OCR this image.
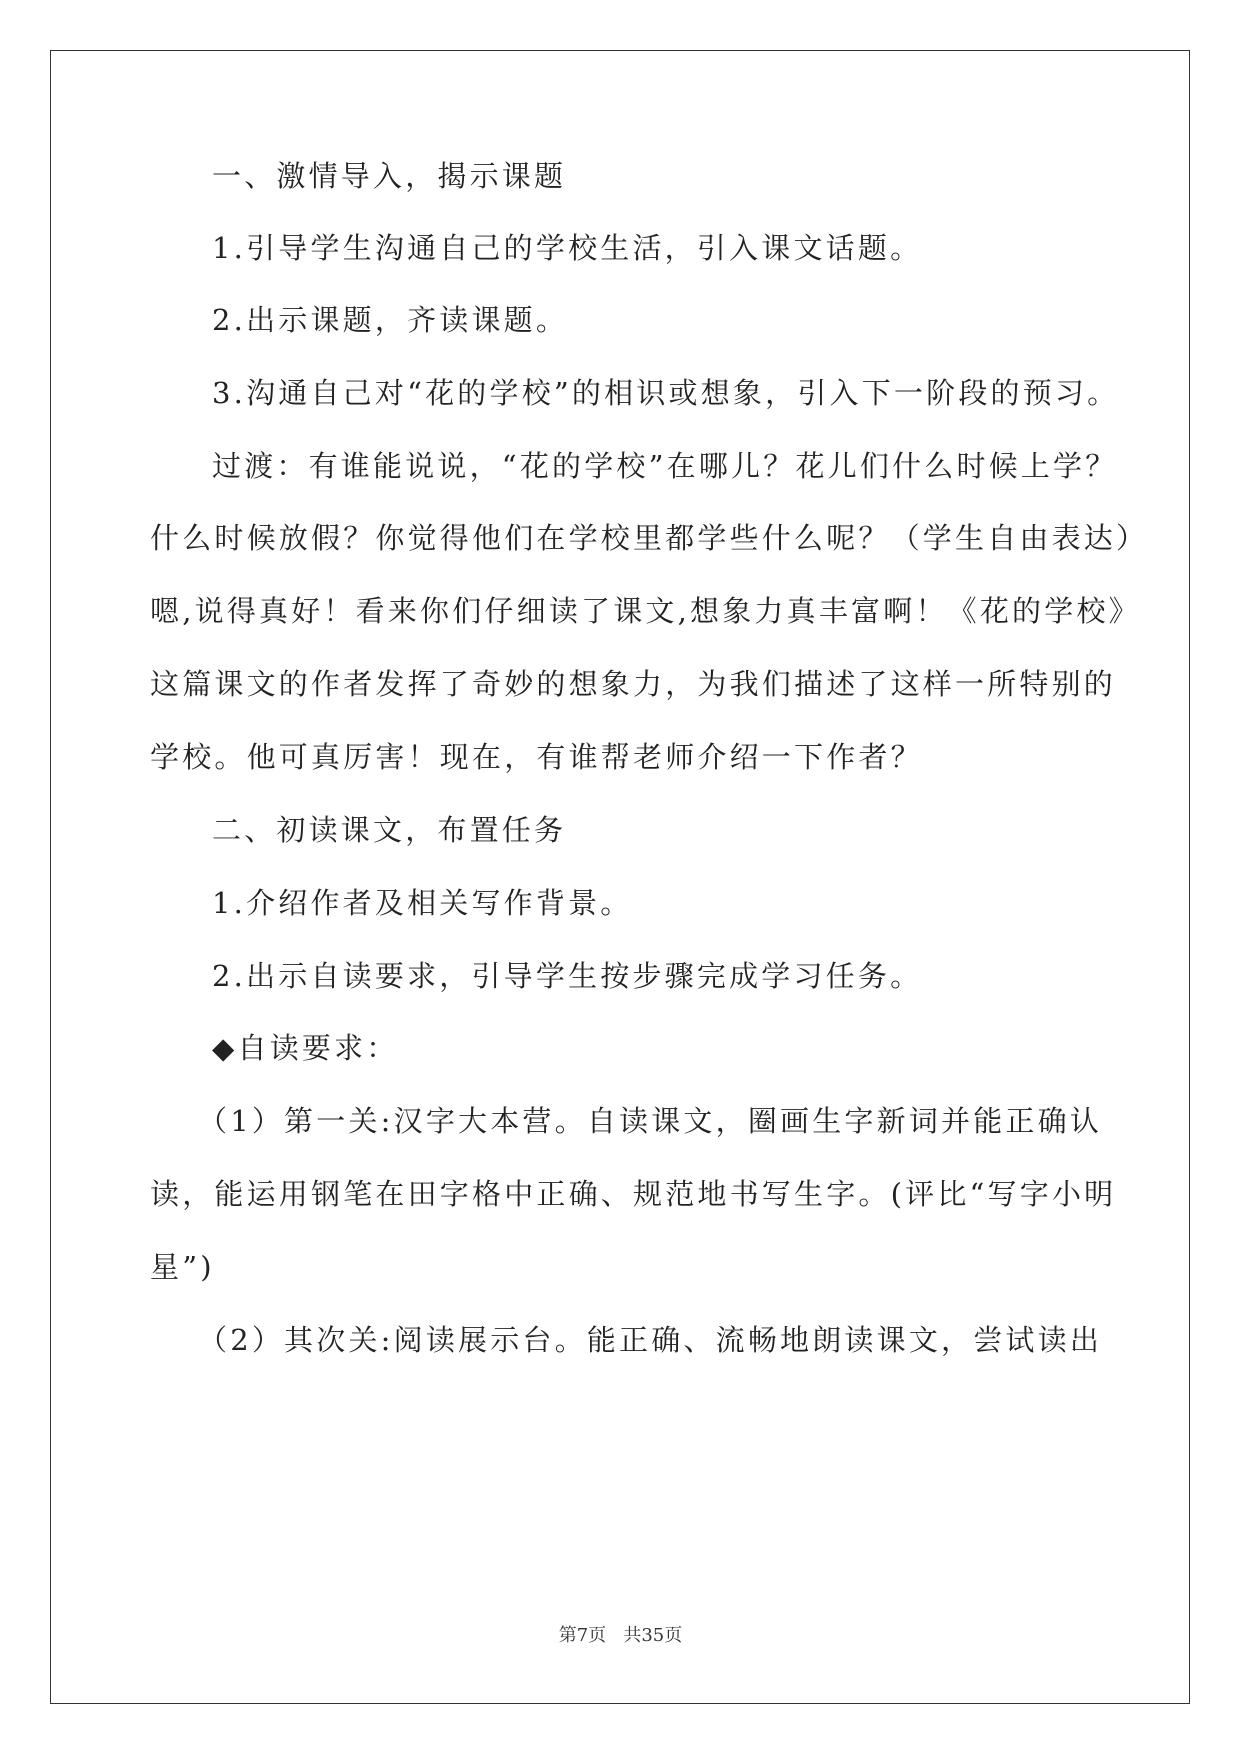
一、激情导入，揭示课题
1.引导学生沟通自己的学校生活，引入课文话题。
2.出示课题，齐读课题。
3.沟通自己对“花的学校”的相识或想象，引入下一阶段的预习。
过渡：有谁能说说，“花的学校”在哪儿？花儿们什么时候上学？
什么时候放假？你觉得他们在学校里都学些什么呢？（学生自由表达）
嗯,说得真好！看来你们仔细读了课文,想象力真丰富啊！《花的学校》
这篇课文的作者发挥了奇妙的想象力，为我们描述了这样一所特别的
学校。他可真厉害！现在，有谁帮老师介绍一下作者？
二、初读课文，布置任务
1.介绍作者及相关写作背景。
2.出示自读要求，引导学生按步骤完成学习任务。
◆自读要求：
（1）第一关:汉字大本营。自读课文，圈画生字新词并能正确认
读，能运用钢笔在田字格中正确、规范地书写生字。(评比“写字小明
星”)
（2）其次关:阅读展示台。能正确、流畅地朗读课文，尝试读出
第7页 共35页
